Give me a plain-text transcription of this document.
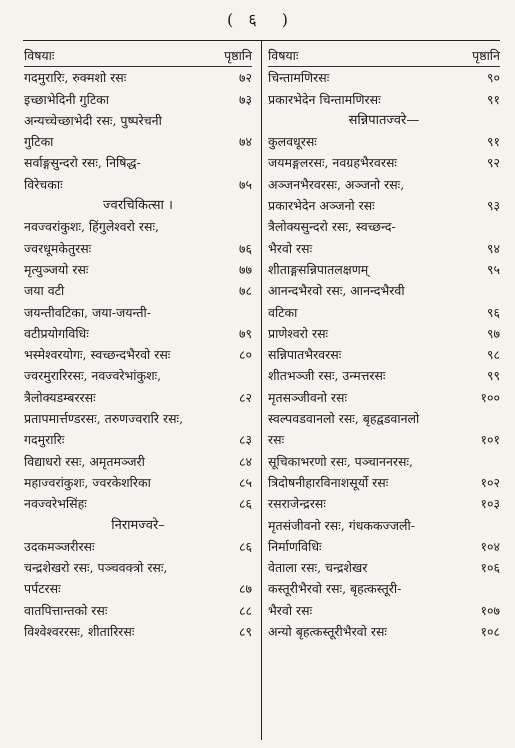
( ६ )
विषयाः	पृष्ठानि
गदमुरारिः, रुक्मशो रसः	७२
इच्छाभेदिनी गुटिका	७३
अन्यच्चेच्छाभेदी रसः, पुष्परेचनी
गुटिका	७४
सर्वाङ्गसुन्दरो रसः, निषिद्ध-
विरेचकाः	७५
ज्वरचिकित्सा ।
नवज्वरांकुशः, हिंगुलेश्वरो रसः,
ज्वरधूमकेतुरसः	७६
मृत्युञ्जयो रसः	७७
जया वटी	७८
जयन्तीवटिका, जया-जयन्ती-
वटीप्रयोगविधिः	७९
भस्मेश्वरयोगः, स्वच्छन्दभैरवो रसः	८०
ज्वरमुरारिरसः, नवज्वरेभांकुशः,
त्रैलोक्यडम्बररसः	८२
प्रतापमार्त्तण्डरसः, तरुणज्वरारि रसः,
गदमुरारिः	८३
विद्याधरो रसः, अमृतमञ्जरी	८४
महाज्वरांकुशः, ज्वरकेशरिका	८५
नवज्वरेभसिंहः	८६
निरामज्वरे–
उदकमञ्जरीरसः	८६
चन्द्रशेखरो रसः, पञ्चवक्त्रो रसः,
पर्पटरसः	८७
वातपित्तान्तको रसः	८८
विश्वेश्वररसः, शीतारिरसः	८९
विषयाः	पृष्ठानि
चिन्तामणिरसः	९०
प्रकारभेदेन चिन्तामणिरसः	९१
सन्निपातज्वरे—
कुलवधूरसः	९१
जयमङ्गलरसः, नवग्रहभैरवरसः	९२
अञ्जनभैरवरसः, अञ्जनो रसः,
प्रकारभेदेन अञ्जनो रसः	९३
त्रैलोक्यसुन्दरो रसः, स्वच्छन्द-
भैरवो रसः	९४
शीताङ्गसन्निपातलक्षणम्	९५
आनन्दभैरवो रसः, आनन्दभैरवी
वटिका	९६
प्राणेश्वरो रसः	९७
सन्निपातभैरवरसः	९८
शीतभञ्जी रसः, उन्मत्तरसः	९९
मृतसञ्जीवनो रसः	१००
स्वल्पवडवानलो रसः, बृहद्वडवानलो
रसः	१०१
सूचिकाभरणो रसः, पञ्चाननरसः,
त्रिदोषनीहारविनाशसूर्यो रसः	१०२
रसराजेन्द्ररसः	१०३
मृतसंजीवनो रसः, गंधककज्जली-
निर्माणविधिः	१०४
वेताला रसः, चन्द्रशेखर	१०६
कस्तूरीभैरवो रसः, बृहत्कस्तूरी-
भैरवो रसः	१०७
अन्यो बृहत्कस्तूरीभैरवो रसः	१०८
